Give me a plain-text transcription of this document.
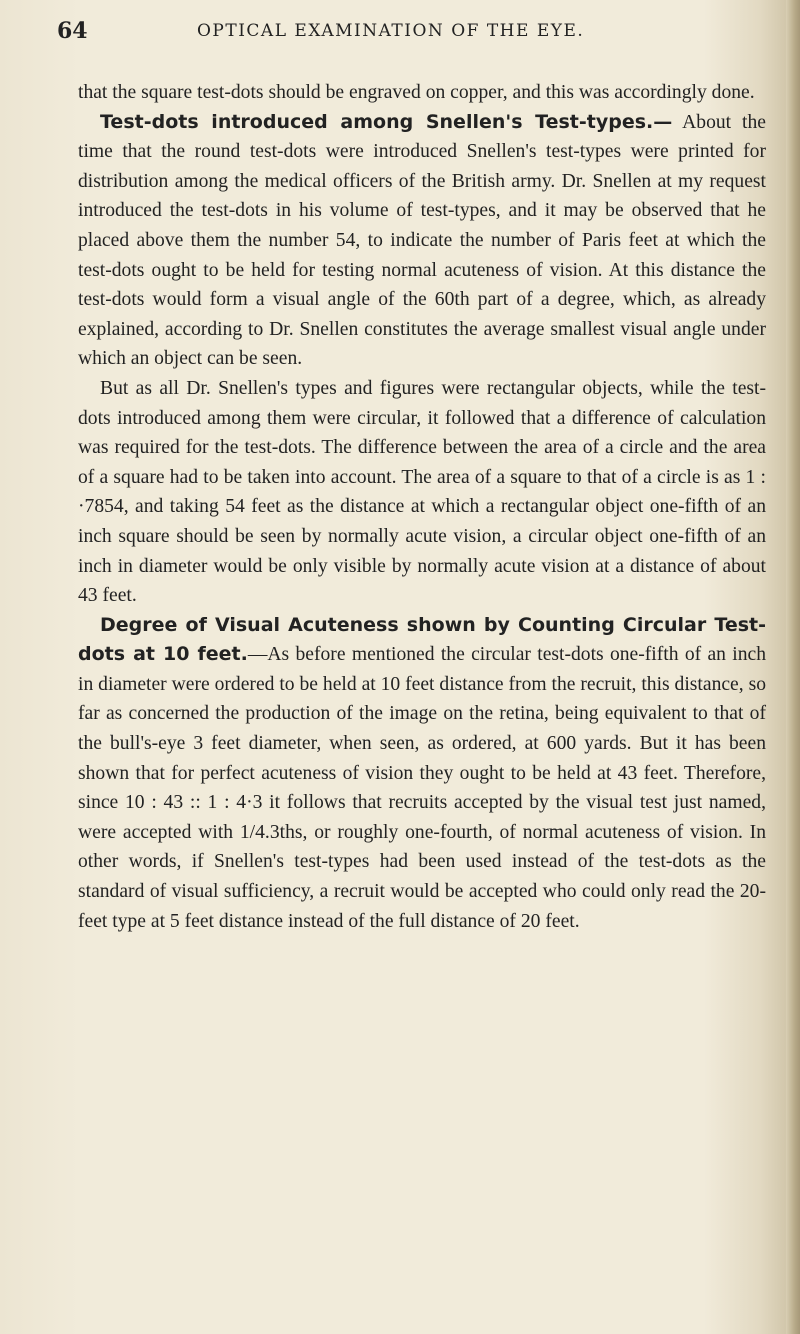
64	OPTICAL EXAMINATION OF THE EYE.

that the square test-dots should be engraved on copper, and this was accordingly done.

Test-dots introduced among Snellen's Test-types.— About the time that the round test-dots were introduced Snellen's test-types were printed for distribution among the medical officers of the British army. Dr. Snellen at my request introduced the test-dots in his volume of test-types, and it may be observed that he placed above them the number 54, to indicate the number of Paris feet at which the test-dots ought to be held for testing normal acuteness of vision. At this distance the test-dots would form a visual angle of the 60th part of a degree, which, as already explained, according to Dr. Snellen constitutes the average smallest visual angle under which an object can be seen.

But as all Dr. Snellen's types and figures were rectangular objects, while the test-dots introduced among them were circular, it followed that a difference of calculation was required for the test-dots. The difference between the area of a circle and the area of a square had to be taken into account. The area of a square to that of a circle is as 1 : ·7854, and taking 54 feet as the distance at which a rectangular object one-fifth of an inch square should be seen by normally acute vision, a circular object one-fifth of an inch in diameter would be only visible by normally acute vision at a distance of about 43 feet.

Degree of Visual Acuteness shown by Counting Circular Test-dots at 10 feet.—As before mentioned the circular test-dots one-fifth of an inch in diameter were ordered to be held at 10 feet distance from the recruit, this distance, so far as concerned the production of the image on the retina, being equivalent to that of the bull's-eye 3 feet diameter, when seen, as ordered, at 600 yards. But it has been shown that for perfect acuteness of vision they ought to be held at 43 feet. Therefore, since 10 : 43 :: 1 : 4·3 it follows that recruits accepted by the visual test just named, were accepted with 1/4.3ths, or roughly one-fourth, of normal acuteness of vision. In other words, if Snellen's test-types had been used instead of the test-dots as the standard of visual sufficiency, a recruit would be accepted who could only read the 20-feet type at 5 feet distance instead of the full distance of 20 feet.
